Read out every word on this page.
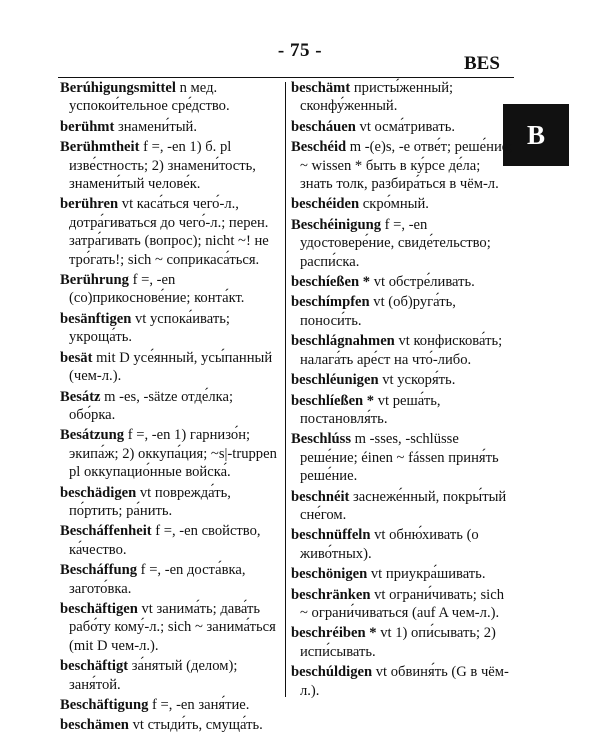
- 75 -
BES
B

Berúhigungsmittel n мед. успокои́тельное сре́дство.

berühmt знамени́тый.

Berühmtheit f =, -en 1) б. pl изве́стность; 2) знамени́тость, знамени́тый челове́к.

berühren vt каса́ться чего́-л., дотра́гиваться до чего́-л.; перен. затра́гивать (вопрос); nicht ~! не тро́гать!; sich ~ соприкаса́ться.

Berührung f =, -en (со)прикоснове́ние; конта́кт.

besänftigen vt успока́ивать; укроща́ть.

besät mit D усе́янный, усы́панный (чем-л.).

Besátz m -es, -sätze отде́лка; обо́рка.

Besátzung f =, -en 1) гарнизо́н; экипа́ж; 2) оккупа́ция; ~s|-truppen pl оккупацио́нные войска́.

beschädigen vt поврежда́ть, по́ртить; ра́нить.

Bescháffenheit f =, -en свойство, ка́чество.

Bescháffung f =, -en доста́вка, загото́вка.

beschäftigen vt занима́ть; дава́ть рабо́ту кому́-л.; sich ~ занима́ться (mit D чем-л.).

beschäftigt за́нятый (делом); заня́той.

Beschäftigung f =, -en заня́тие.

beschämen vt стыди́ть, смуща́ть.

beschämt присты́женный; сконфу́женный.

bescháuen vt осма́тривать.

Beschéid m -(e)s, -e отве́т; реше́ние; ~ wissen * быть в ку́рсе де́ла; знать толк, разбира́ться в чём-л.

beschéiden скро́мный.

Beschéinigung f =, -en удостовере́ние, свиде́тельство; распи́ска.

beschíeßen * vt обстре́ливать.

beschímpfen vt (об)руга́ть, поноси́ть.

beschlágnahmen vt конфискова́ть; налага́ть аре́ст на что́-либо.

beschléunigen vt ускоря́ть.

beschlíeßen * vt реша́ть, постановля́ть.

Beschlúss m -sses, -schlüsse реше́ние; éinen ~ fássen приня́ть реше́ние.

beschnéit заснеже́нный, покры́тый сне́гом.

beschnüffeln vt обню́хивать (о живо́тных).

beschönigen vt приукра́шивать.

beschränken vt ограни́чивать; sich ~ ограни́чиваться (auf A чем-л.).

beschréiben * vt 1) опи́сывать; 2) испи́сывать.

beschúldigen vt обвиня́ть (G в чём-л.).
